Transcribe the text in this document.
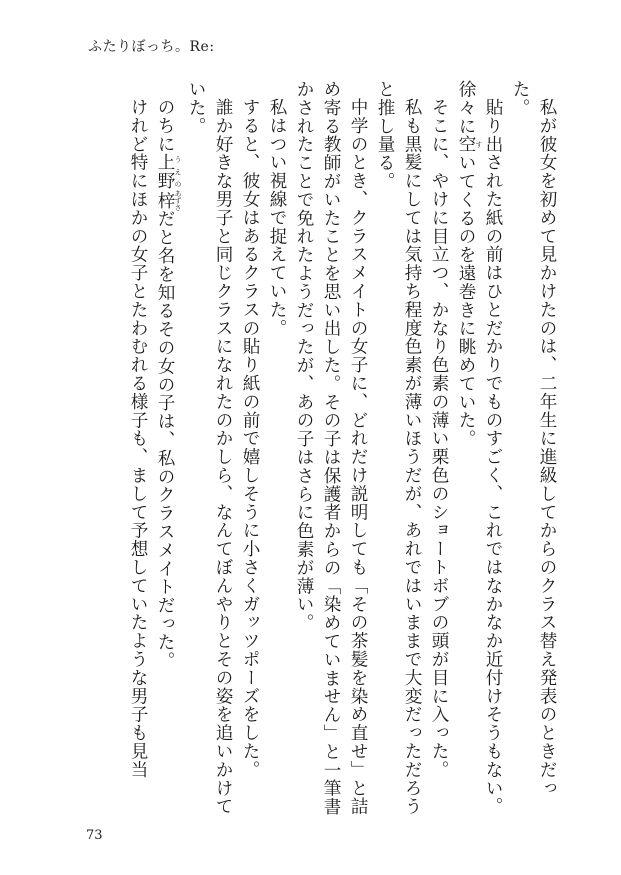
ふたりぼっち。Re:

私が彼女を初めて見かけたのは、二年生に進級してからのクラス替え発表のときだった。

貼り出された紙の前はひとだかりでものすごく、これではなかなか近付けそうもない。徐々に空 すいてくるのを遠巻きに眺めていた。

そこに、やけに目立つ、かなり色素の薄い栗色のショートボブの頭が目に入った。

私も黒髪にしては気持ち程度色素が薄いほうだが、あれではいままで大変だっただろうと推し量る。

中学のとき、クラスメイトの女子に、どれだけ説明しても「その茶髪を染め直せ」と詰め寄る教師がいたことを思い出した。その子は保護者からの「染めていません」と一筆書かされたことで免れたようだったが、あの子はさらに色素が薄い。

私はつい視線で捉えていた。

すると、彼女はあるクラスの貼り紙の前で嬉しそうに小さくガッツポーズをした。

誰か好きな男子と同じクラスになれたのかしら、なんてぼんやりとその姿を追いかけていた。

のちに上野 うえの梓 あずさだと名を知るその女の子は、私のクラスメイトだった。

けれど特にほかの女子とたわむれる様子も、まして予想していたような男子も見当

73
